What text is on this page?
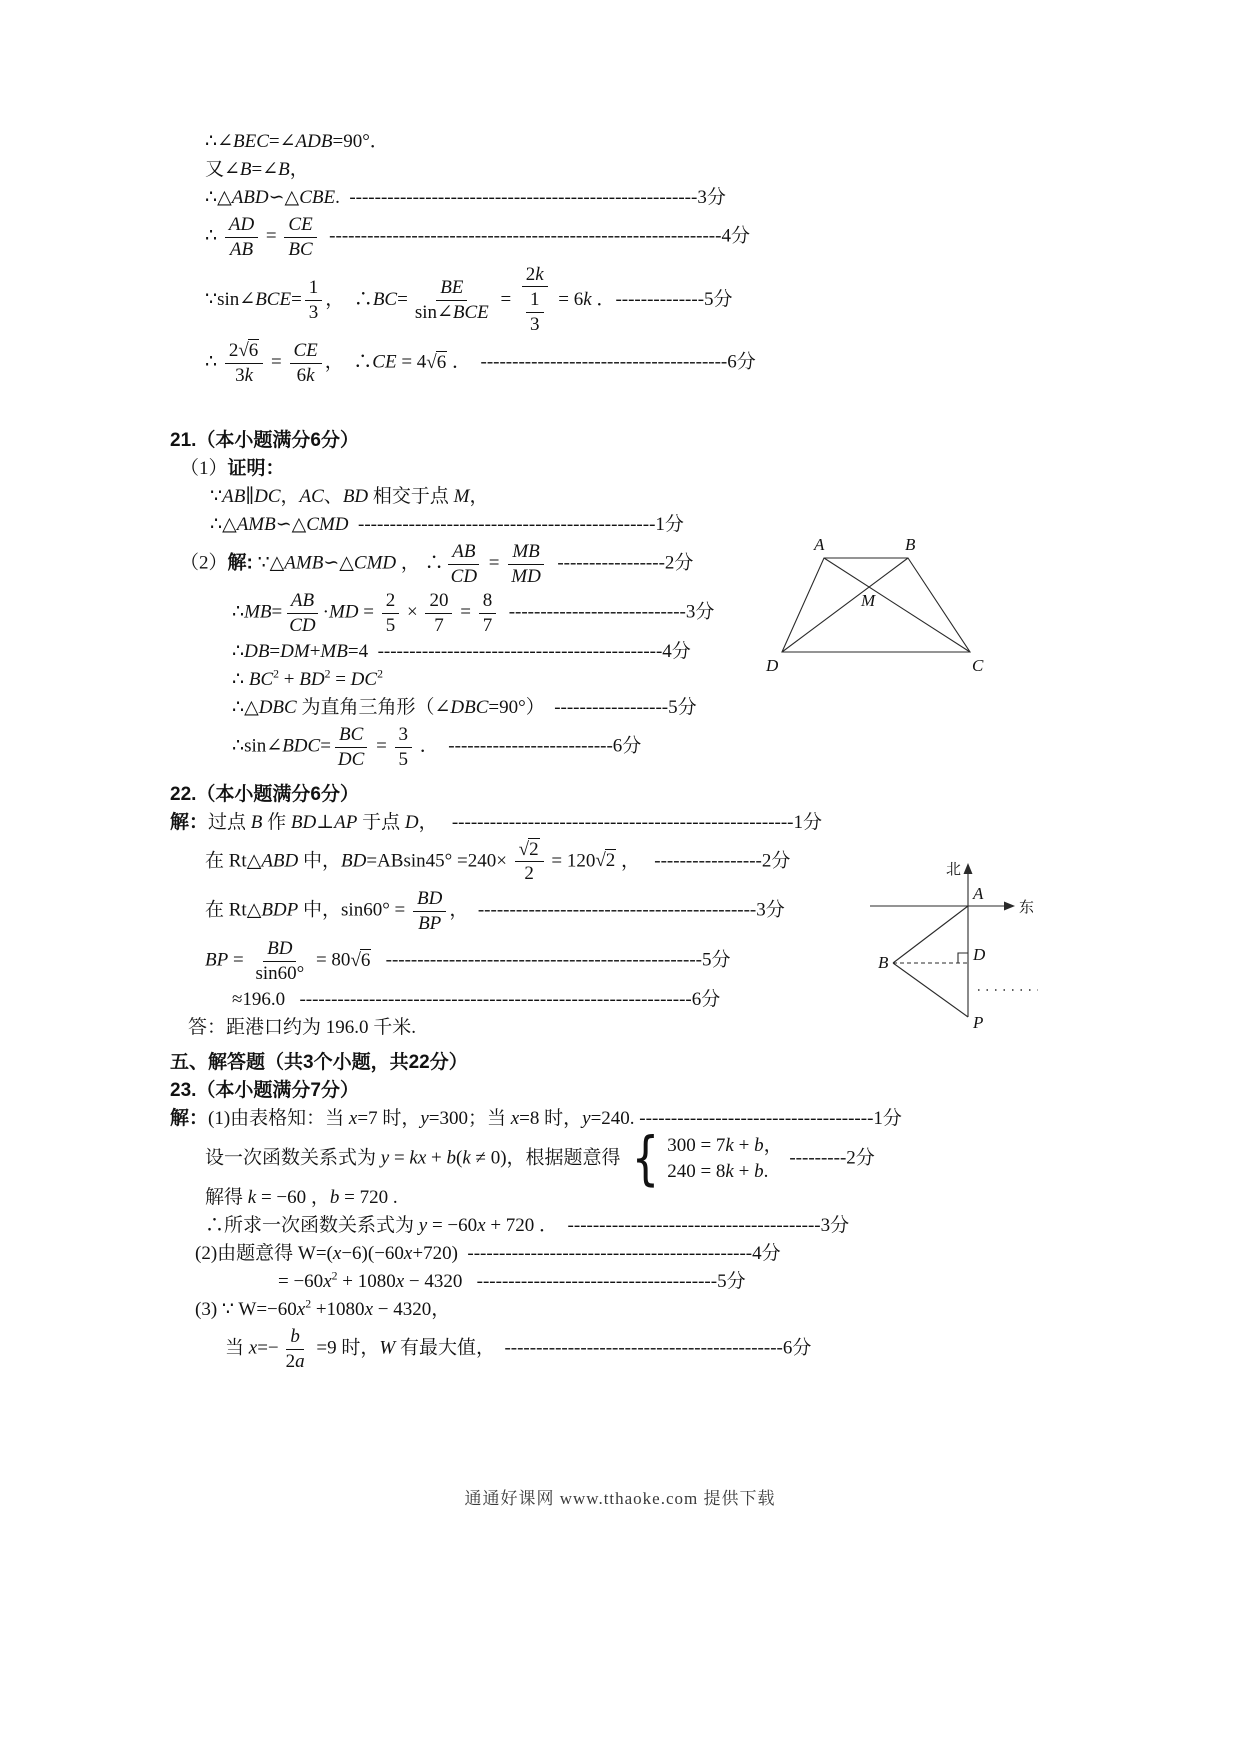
∴∠BEC=∠ADB=90°．
又∠B=∠B，
∴△ABD∽△CBE.  -------------------------------------------------------3分
∴ $\frac{AD}{AB} = \frac{CE}{BC} --------------------------------------------------------------4$分
∵sin∠BCE= $\frac{1}{3}$ ，  ∴BC= $\frac{BE}{\text{sin∠BCE}} = \frac{2k}{\frac{1}{3}} = 6k$ ．--------------5分
∴ $\frac{2√6}{3k} = \frac{CE}{6k}$ ，  ∴CE = 4√6 ．  ---------------------------------------6分
21.（本小题满分6分）
（1）证明：
∵AB∥DC，AC、BD 相交于点 M，
∴△AMB∽△CMD -----------------------------------------------1分
（2）解: ∵△AMB∽△CMD ， ∴ $\frac{AB}{CD} = \frac{MB}{MD} -----------------2$分
∴MB= $\frac{AB}{CD} \cdot MD = \frac{2}{5} \times \frac{20}{7} = \frac{8}{7} ----------------------------3$分
∴DB=DM+MB=4  ---------------------------------------------4分
∴ $BC^2 + BD^2 = DC^2$
∴△DBC 为直角三角形（∠DBC=90°）  ------------------5分
∴sin∠BDC= $\frac{BC}{DC} = \frac{3}{5}$ ．  --------------------------6分
22.（本小题满分6分）
解：过点 B 作 BD⊥AP 于点 D，   ------------------------------------------------------1分
在 Rt△ABD 中，$BD=ABsin45^\circ =240\times \frac{√2}{2} = 120√2$ ，   -----------------2分
在 Rt△BDP 中，$\sin 60^\circ = \frac{BD}{BP}$ ，  --------------------------------------------3分
BP = $\frac{BD}{\sin 60^\circ} = 80√6$ --------------------------------------------------5分
≈196.0   --------------------------------------------------------------6分
答：距港口约为 196.0 千米.
五、解答题（共3个小题，共22分）
23.（本小题满分7分）
解：(1)由表格知：当 x=7 时，y=300；当 x=8 时，y=240. -------------------------------------1分
设一次函数关系式为 y = kx + b(k ≠ 0)，根据题意得 { 300 = 7k + b，
240 = 8k + b.
---------2分
解得 k = −60 ，b = 720 .
∴所求一次函数关系式为 y = −60x + 720 ．  ----------------------------------------3分
(2)由题意得 W=(x−6)(−60x+720)  ---------------------------------------------4分
= $-60x^2 + 1080x - 4320$   --------------------------------------5分
(3) ∵ $W=-60x^2 +1080x - 4320$，
当 $x=- \frac{b}{2a} =9$ 时，W 有最大值，  --------------------------------------------6分
A	B
M
D	C
北
东
A
B	D
P
通通好课网 www.tthaoke.com 提供下载
